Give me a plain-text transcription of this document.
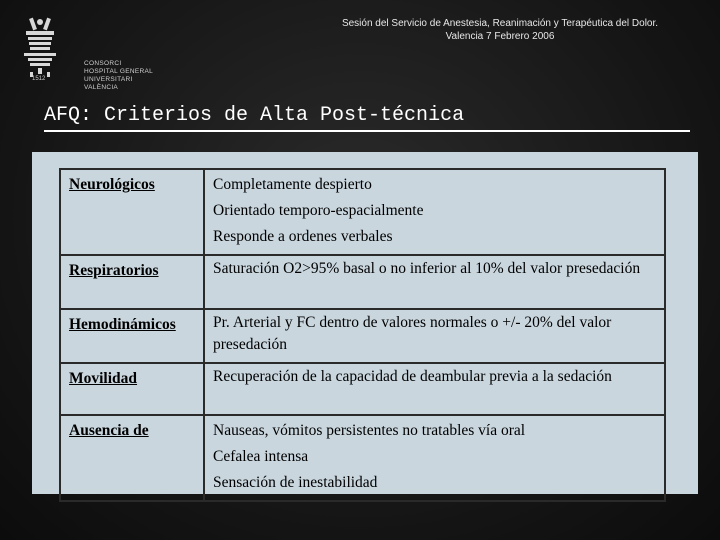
1512
CONSORCI
HOSPITAL GENERAL
UNIVERSITARI
VALÈNCIA
Sesión del Servicio de Anestesia, Reanimación y Terapéutica del Dolor.
Valencia 7 Febrero 2006
AFQ: Criterios de Alta Post-técnica
Neurológicos	Completamente despierto
Orientado temporo-espacialmente
Responde a ordenes verbales

Respiratorios	Saturación O2>95% basal o no inferior al 10% del valor presedación

Hemodinámicos	Pr. Arterial y FC dentro de valores normales o +/- 20% del valor presedación

Movilidad	Recuperación de la capacidad de deambular previa a la sedación

Ausencia de	Nauseas, vómitos persistentes no tratables vía oral
Cefalea intensa
Sensación de inestabilidad
